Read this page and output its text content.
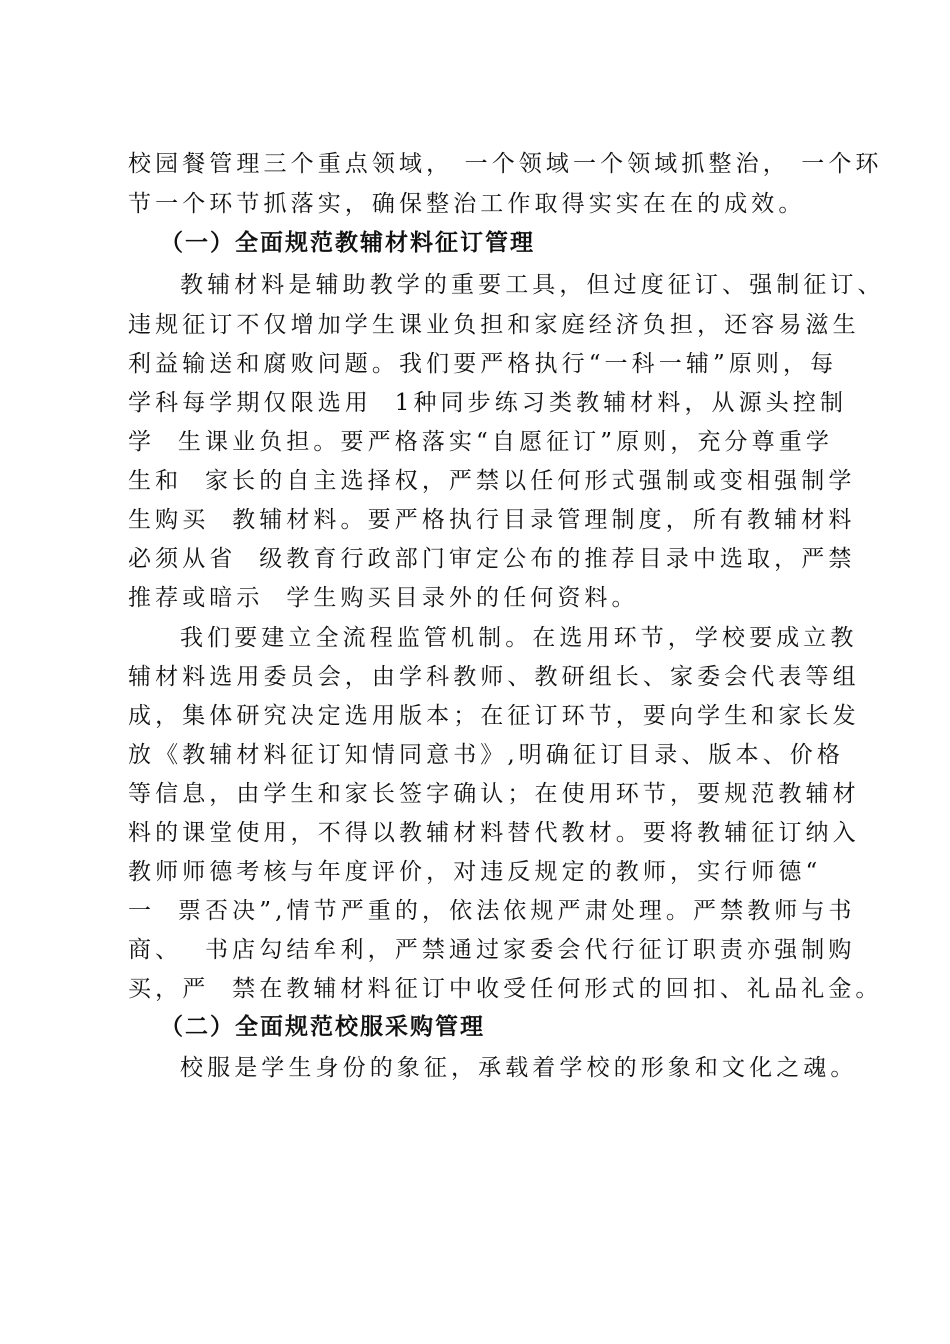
校园餐管理三个重点领域， 一个领域一个领域抓整治， 一个环
节一个环节抓落实，确保整治工作取得实实在在的成效。
（一）全面规范教辅材料征订管理
教辅材料是辅助教学的重要工具，但过度征订、强制征订、
违规征订不仅增加学生课业负担和家庭经济负担，还容易滋生
利益输送和腐败问题。我们要严格执行“一科一辅”原则，每
学科每学期仅限选用  1种同步练习类教辅材料，从源头控制
学  生课业负担。要严格落实“自愿征订”原则，充分尊重学
生和  家长的自主选择权，严禁以任何形式强制或变相强制学
生购买  教辅材料。要严格执行目录管理制度，所有教辅材料
必须从省  级教育行政部门审定公布的推荐目录中选取，严禁
推荐或暗示  学生购买目录外的任何资料。
我们要建立全流程监管机制。在选用环节，学校要成立教
辅材料选用委员会，由学科教师、教研组长、家委会代表等组
成，集体研究决定选用版本；在征订环节，要向学生和家长发
放《教辅材料征订知情同意书》,明确征订目录、版本、价格
等信息，由学生和家长签字确认；在使用环节，要规范教辅材
料的课堂使用，不得以教辅材料替代教材。要将教辅征订纳入
教师师德考核与年度评价，对违反规定的教师，实行师德“
一  票否决”,情节严重的，依法依规严肃处理。严禁教师与书
商、  书店勾结牟利，严禁通过家委会代行征订职责亦强制购
买，严  禁在教辅材料征订中收受任何形式的回扣、礼品礼金。
（二）全面规范校服采购管理
校服是学生身份的象征，承载着学校的形象和文化之魂。
